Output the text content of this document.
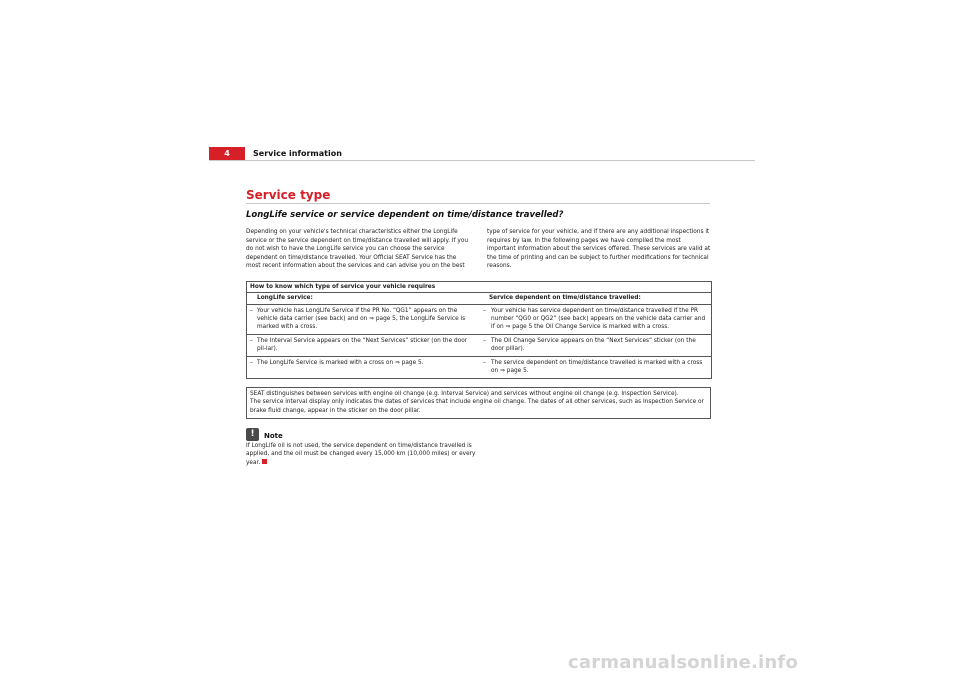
4	Service information
Service type
LongLife service or service dependent on time/distance travelled?

Depending on your vehicle's technical characteristics either the LongLife service or the service dependent on time/distance travelled will apply. If you do not wish to have the LongLife service you can choose the service dependent on time/distance travelled. Your Official SEAT Service has the most recent information about the services and can advise you on the best

type of service for your vehicle, and if there are any additional inspections it requires by law. In the following pages we have compiled the most important information about the services offered. These services are valid at the time of printing and can be subject to further modifications for technical reasons.

How to know which type of service your vehicle requires
LongLife service:	Service dependent on time/distance travelled:
– Your vehicle has LongLife Service if the PR No. “QG1” appears on the vehicle data carrier (see back) and on ⇒ page 5, the LongLife Service is marked with a cross.
– Your vehicle has service dependent on time/distance travelled if the PR number “QG0 or QG2” (see back) appears on the vehicle data carrier and if on ⇒ page 5 the Oil Change Service is marked with a cross.
– The Interval Service appears on the “Next Services” sticker (on the door pil-lar).
– The Oil Change Service appears on the “Next Services” sticker (on the door pillar).
– The LongLife Service is marked with a cross on ⇒ page 5.
–	The service dependent on time/distance travelled is marked with a cross on ⇒ page 5.

SEAT distinguishes between services with engine oil change (e.g. Interval Service) and services without engine oil change (e.g. Inspection Service).

The service interval display only indicates the dates of services that include engine oil change. The dates of all other services, such as Inspection Service or brake fluid change, appear in the sticker on the door pillar.

!
Note

If LongLife oil is not used, the service dependent on time/distance travelled is applied, and the oil must be changed every 15,000 km (10,000 miles) or every year.

carmanualsonline.info
